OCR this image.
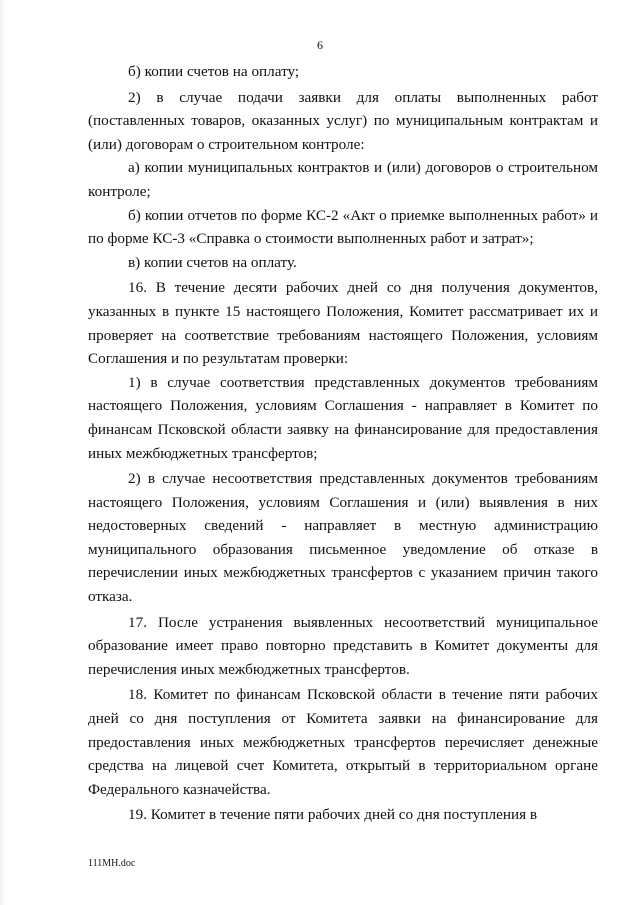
6

б) копии счетов на оплату;

2) в случае подачи заявки для оплаты выполненных работ (поставленных товаров, оказанных услуг) по муниципальным контрактам и (или) договорам о строительном контроле:

а) копии муниципальных контрактов и (или) договоров о строительном контроле;

б) копии отчетов по форме КС-2 «Акт о приемке выполненных работ» и по форме КС-3 «Справка о стоимости выполненных работ и затрат»;

в) копии счетов на оплату.

16. В течение десяти рабочих дней со дня получения документов, указанных в пункте 15 настоящего Положения, Комитет рассматривает их и проверяет на соответствие требованиям настоящего Положения, условиям Соглашения и по результатам проверки:

1) в случае соответствия представленных документов требованиям настоящего Положения, условиям Соглашения - направляет в Комитет по финансам Псковской области заявку на финансирование для предоставления иных межбюджетных трансфертов;

2) в случае несоответствия представленных документов требованиям настоящего Положения, условиям Соглашения и (или) выявления в них недостоверных сведений - направляет в местную администрацию муниципального образования письменное уведомление об отказе в перечислении иных межбюджетных трансфертов с указанием причин такого отказа.

17. После устранения выявленных несоответствий муниципальное образование имеет право повторно представить в Комитет документы для перечисления иных межбюджетных трансфертов.

18. Комитет по финансам Псковской области в течение пяти рабочих дней со дня поступления от Комитета заявки на финансирование для предоставления иных межбюджетных трансфертов перечисляет денежные средства на лицевой счет Комитета, открытый в территориальном органе Федерального казначейства.

19. Комитет в течение пяти рабочих дней со дня поступления в

111MH.doc
